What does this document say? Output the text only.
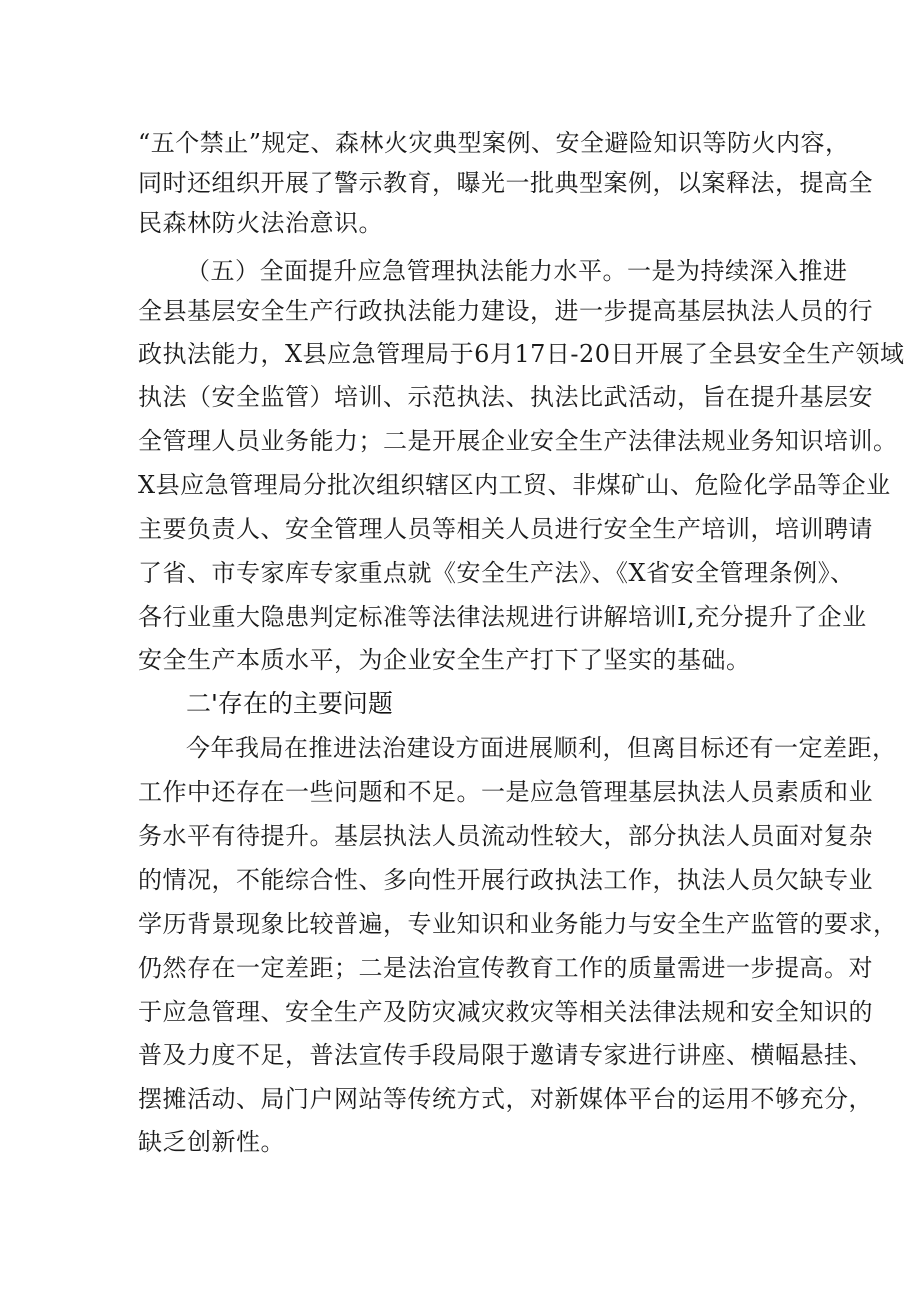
“五个禁止”规定、森林火灾典型案例、安全避险知识等防火内容，
同时还组织开展了警示教育，曝光一批典型案例，以案释法，提高全
民森林防火法治意识。
（五）全面提升应急管理执法能力水平。一是为持续深入推进
全县基层安全生产行政执法能力建设，进一步提高基层执法人员的行
政执法能力，X县应急管理局于6月17日-20日开展了全县安全生产领域
执法（安全监管）培训、示范执法、执法比武活动，旨在提升基层安
全管理人员业务能力；二是开展企业安全生产法律法规业务知识培训。
X县应急管理局分批次组织辖区内工贸、非煤矿山、危险化学品等企业
主要负责人、安全管理人员等相关人员进行安全生产培训，培训聘请
了省、市专家库专家重点就《安全生产法》、《X省安全管理条例》、
各行业重大隐患判定标准等法律法规进行讲解培训I,充分提升了企业
安全生产本质水平，为企业安全生产打下了坚实的基础。
二'存在的主要问题
今年我局在推进法治建设方面进展顺利，但离目标还有一定差距，
工作中还存在一些问题和不足。一是应急管理基层执法人员素质和业
务水平有待提升。基层执法人员流动性较大，部分执法人员面对复杂
的情况，不能综合性、多向性开展行政执法工作，执法人员欠缺专业
学历背景现象比较普遍，专业知识和业务能力与安全生产监管的要求，
仍然存在一定差距；二是法治宣传教育工作的质量需进一步提高。对
于应急管理、安全生产及防灾减灾救灾等相关法律法规和安全知识的
普及力度不足，普法宣传手段局限于邀请专家进行讲座、横幅悬挂、
摆摊活动、局门户网站等传统方式，对新媒体平台的运用不够充分，
缺乏创新性。
